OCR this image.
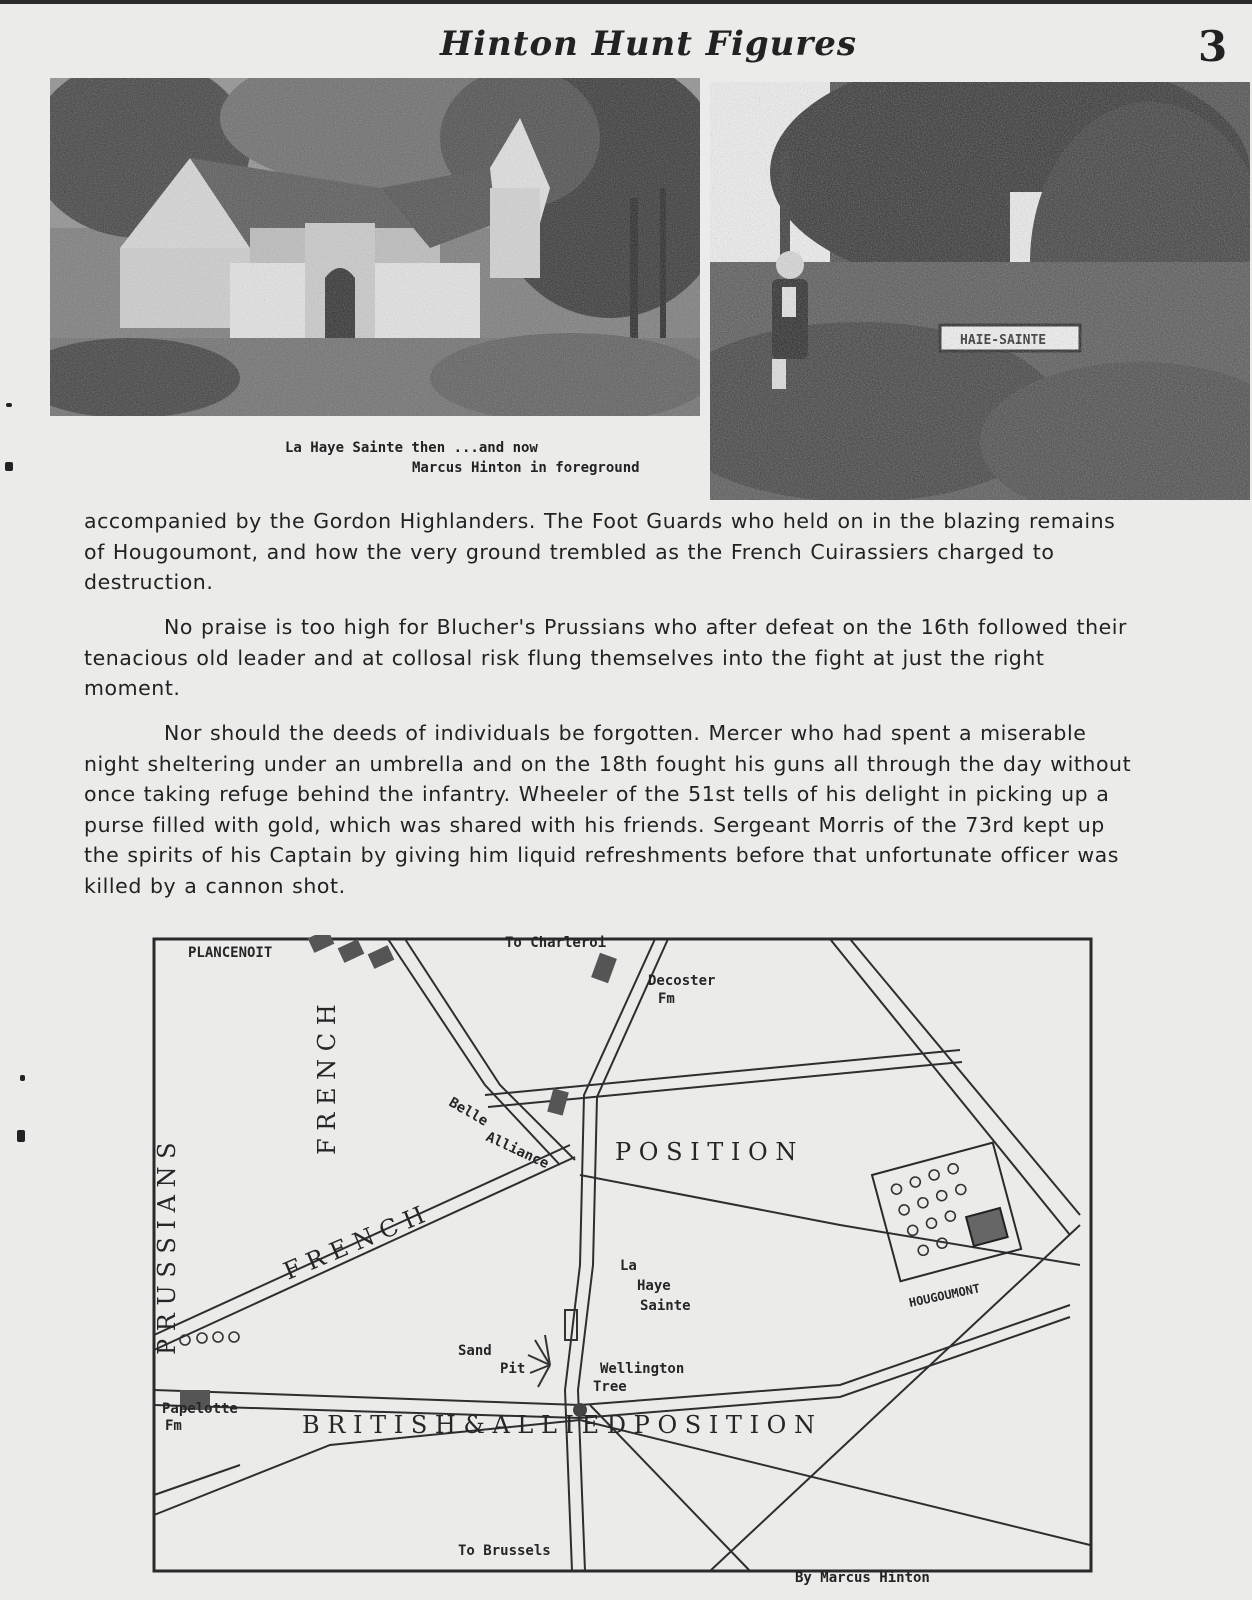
Hinton Hunt Figures	3
La Haye Sainte then ...and now
Marcus Hinton in foreground
accompanied by the Gordon Highlanders. The Foot Guards who held on in the blazing remains of Hougoumont, and how the very ground trembled as the French Cuirassiers charged to destruction.
No praise is too high for Blucher's Prussians who after defeat on the 16th followed their tenacious old leader and at collosal risk flung themselves into the fight at just the right moment.
Nor should the deeds of individuals be forgotten. Mercer who had spent a miserable night sheltering under an umbrella and on the 18th fought his guns all through the day without once taking refuge behind the infantry. Wheeler of the 51st tells of his delight in picking up a purse filled with gold, which was shared with his friends. Sergeant Morris of the 73rd kept up the spirits of his Captain by giving him liquid refreshments before that unfortunate officer was killed by a cannon shot.
PLANCENOIT
To Charleroi
Decoster
Fm
P R U S S I A N S
F R E N C H	Belle
Alliance	P O S I T I O N
F R E N C H
HOUGOUMONT
La
Haye
Sainte
Sand
Pit	Wellington
Tree
Papelotte
Fm	B R I T I S H & A L L I E D P O S I T I O N
To Brussels
By Marcus Hinton
